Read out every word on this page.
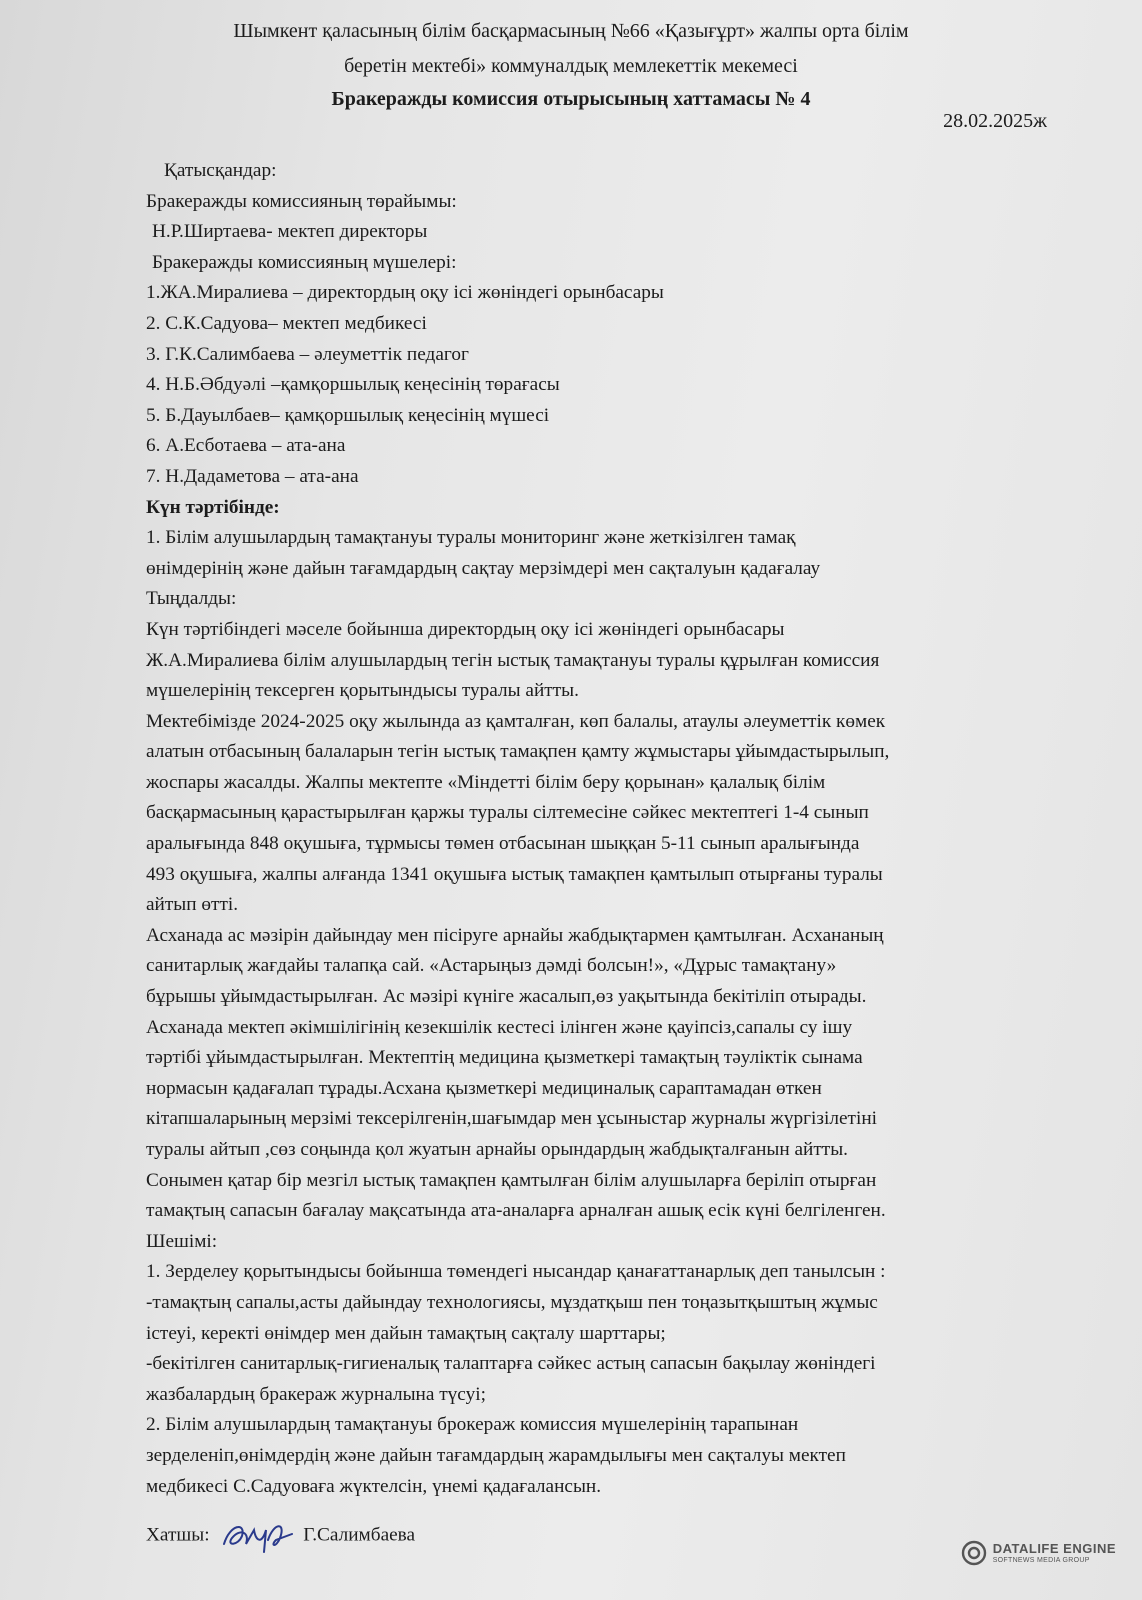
Шымкент қаласының білім басқармасының №66 «Қазығұрт» жалпы орта білім
беретін мектебі» коммуналдық мемлекеттік мекемесі
Бракеражды комиссия отырысының хаттамасы № 4
28.02.2025ж
Қатысқандар:
Бракеражды комиссияның төрайымы:
Н.Р.Ширтаева- мектеп директоры
Бракеражды комиссияның мүшелері:
1.ЖА.Миралиева – директордың оқу ісі жөніндегі орынбасары
2. С.К.Садуова– мектеп медбикесі
3. Г.К.Салимбаева – әлеуметтік педагог
4. Н.Б.Әбдуәлі –қамқоршылық кеңесінің төрағасы
5. Б.Дауылбаев– қамқоршылық кеңесінің мүшесі
6. А.Есботаева – ата-ана
7. Н.Дадаметова – ата-ана
Күн тәртібінде:
1. Білім алушылардың тамақтануы туралы мониторинг және жеткізілген тамақ
өнімдерінің және дайын тағамдардың сақтау мерзімдері мен сақталуын қадағалау
Тыңдалды:
Күн тәртібіндегі мәселе бойынша директордың оқу ісі жөніндегі орынбасары
Ж.А.Миралиева білім алушылардың тегін ыстық тамақтануы туралы құрылған комиссия
мүшелерінің тексерген қорытындысы туралы айтты.
Мектебімізде 2024-2025 оқу жылында аз қамталған, көп балалы, атаулы әлеуметтік көмек
алатын отбасының балаларын тегін ыстық тамақпен қамту жұмыстары ұйымдастырылып,
жоспары жасалды. Жалпы мектепте «Міндетті білім беру қорынан» қалалық білім
басқармасының қарастырылған қаржы туралы сілтемесіне сәйкес мектептегі 1-4 сынып
аралығында 848 оқушыға, тұрмысы төмен отбасынан шыққан 5-11 сынып аралығында
493 оқушыға, жалпы алғанда 1341 оқушыға ыстық тамақпен қамтылып отырғаны туралы
айтып өтті.
Асханада ас мәзірін дайындау мен пісіруге арнайы жабдықтармен қамтылған. Асхананың
санитарлық жағдайы талапқа сай. «Астарыңыз дәмді болсын!», «Дұрыс тамақтану»
бұрышы ұйымдастырылған. Ас мәзірі күніге жасалып,өз уақытында бекітіліп отырады.
Асханада мектеп әкімшілігінің кезекшілік кестесі ілінген және қауіпсіз,сапалы су ішу
тәртібі ұйымдастырылған. Мектептің медицина қызметкері тамақтың тәуліктік сынама
нормасын қадағалап тұрады.Асхана қызметкері медициналық сараптамадан өткен
кітапшаларының мерзімі тексерілгенін,шағымдар мен ұсыныстар журналы жүргізілетіні
туралы айтып ,сөз соңында қол жуатын арнайы орындардың жабдықталғанын айтты.
Сонымен қатар бір мезгіл ыстық тамақпен қамтылған білім алушыларға беріліп отырған
тамақтың сапасын бағалау мақсатында ата-аналарға арналған ашық есік күні белгіленген.
Шешімі:
1. Зерделеу қорытындысы бойынша төмендегі нысандар қанағаттанарлық деп танылсын :
-тамақтың сапалы,асты дайындау технологиясы, мұздатқыш пен тоңазытқыштың жұмыс
істеуі, керекті өнімдер мен дайын тамақтың сақталу шарттары;
-бекітілген санитарлық-гигиеналық талаптарға сәйкес астың сапасын бақылау жөніндегі
жазбалардың бракераж журналына түсуі;
2. Білім алушылардың тамақтануы брокераж комиссия мүшелерінің тарапынан
зерделеніп,өнімдердің және дайын тағамдардың жарамдылығы мен сақталуы мектеп
медбикесі С.Садуоваға жүктелсін, үнемі қадағалансын.
Хатшы:	Г.Салимбаева
DATALIFE ENGINE
SOFTNEWS MEDIA GROUP
